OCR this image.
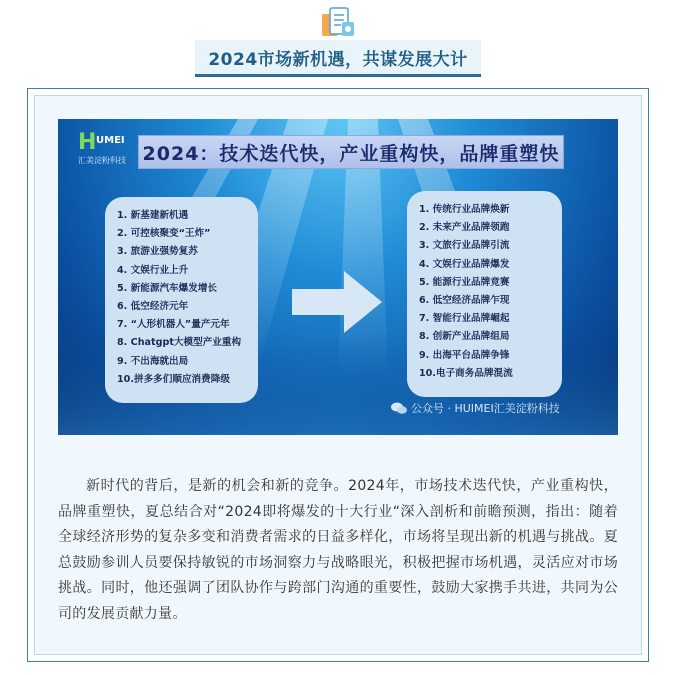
2024市场新机遇，共谋发展大计
H UMEI
汇美淀粉科技 2024：技术迭代快，产业重构快，品牌重塑快
1. 新基建新机遇
2. 可控核聚变“王炸”
3. 旅游业强势复苏
4. 文娱行业上升
5. 新能源汽车爆发增长
6. 低空经济元年
7. “人形机器人”量产元年
8. Chatgpt大模型产业重构
9. 不出海就出局
10.拼多多们顺应消费降级
1. 传统行业品牌焕新
2. 未来产业品牌领跑
3. 文旅行业品牌引流
4. 文娱行业品牌爆发
5. 能源行业品牌竞赛
6. 低空经济品牌乍现
7. 智能行业品牌崛起
8. 创新产业品牌组局
9. 出海平台品牌争锋
10.电子商务品牌混流
公众号 · HUIMEI汇美淀粉科技

新时代的背后，是新的机会和新的竞争。2024年，市场技术迭代快，产业重构快，品牌重塑快，夏总结合对“2024即将爆发的十大行业“深入剖析和前瞻预测，指出：随着全球经济形势的复杂多变和消费者需求的日益多样化，市场将呈现出新的机遇与挑战。夏总鼓励参训人员要保持敏锐的市场洞察力与战略眼光，积极把握市场机遇，灵活应对市场挑战。同时，他还强调了团队协作与跨部门沟通的重要性，鼓励大家携手共进，共同为公司的发展贡献力量。
